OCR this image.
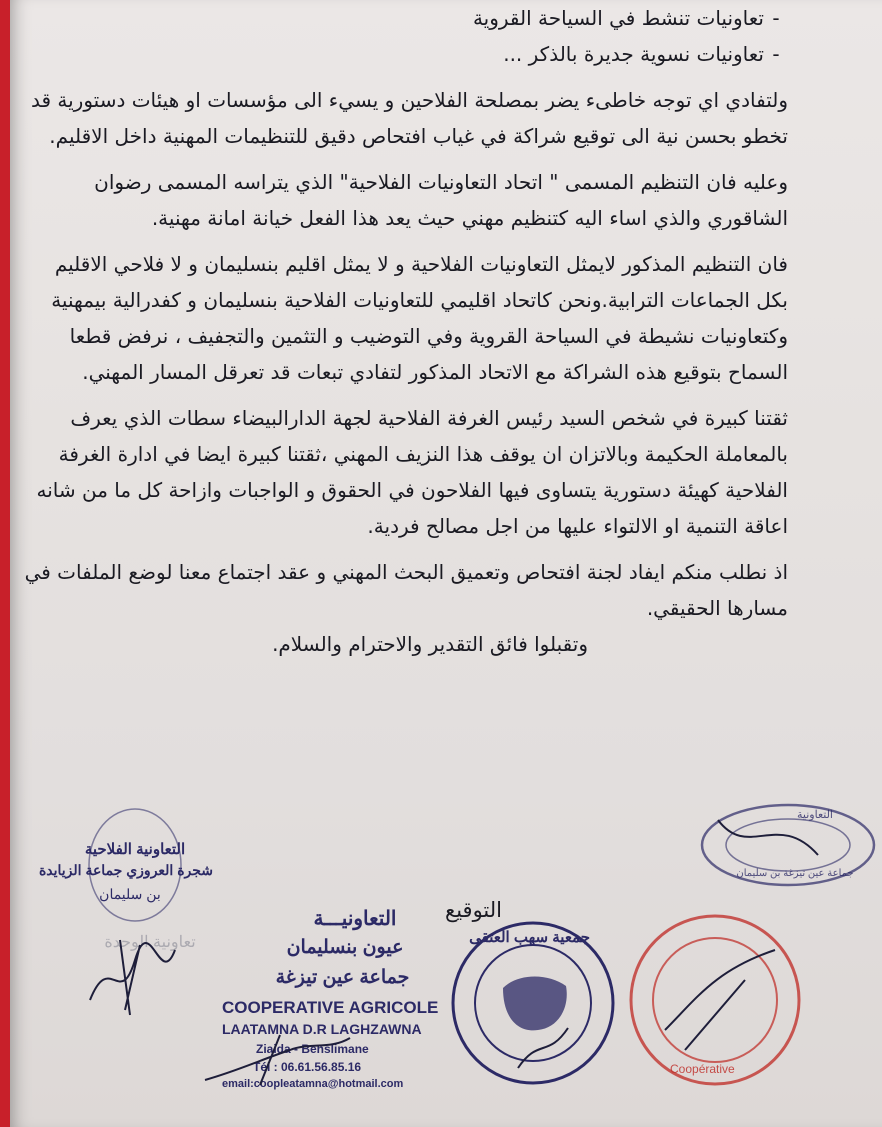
-تعاونيات تنشط في السياحة القروية
-تعاونيات نسوية جديرة بالذكر ...

ولتفادي اي توجه خاطىء يضر بمصلحة الفلاحين و يسيء الى مؤسسات او هيئات دستورية قد تخطو بحسن نية الى توقيع شراكة في غياب افتحاص دقيق للتنظيمات المهنية داخل الاقليم.

وعليه فان التنظيم المسمى " اتحاد التعاونيات الفلاحية" الذي يتراسه المسمى رضوان الشاقوري والذي اساء اليه كتنظيم مهني حيث يعد هذا الفعل خيانة امانة مهنية.

فان التنظيم المذكور لايمثل التعاونيات الفلاحية و لا يمثل اقليم بنسليمان و لا فلاحي الاقليم بكل الجماعات الترابية.ونحن كاتحاد اقليمي للتعاونيات الفلاحية بنسليمان و كفدرالية بيمهنية وكتعاونيات نشيطة في السياحة القروية وفي التوضيب و التثمين والتجفيف ، نرفض قطعا السماح بتوقيع هذه الشراكة مع الاتحاد المذكور لتفادي تبعات قد تعرقل المسار المهني.

ثقتنا كبيرة في شخص السيد رئيس الغرفة الفلاحية لجهة الدارالبيضاء سطات الذي يعرف بالمعاملة الحكيمة وبالاتزان ان يوقف هذا النزيف المهني ،ثقتنا كبيرة ايضا في ادارة الغرفة الفلاحية كهيئة دستورية يتساوى فيها الفلاحون في الحقوق و الواجبات وازاحة كل ما من شانه اعاقة التنمية او الالتواء عليها من اجل مصالح فردية.

اذ نطلب منكم ايفاد لجنة افتحاص وتعميق البحث المهني و عقد اجتماع معنا لوضع الملفات في مسارها الحقيقي.

وتقبلوا فائق التقدير والاحترام والسلام.

التوقيع
التعاونية الفلاحية
شجرة العروزي جماعة الزيايدة
بن سليمان
تعاونية الوحدة
التعاونيـــة
عيون بنسليمان
جماعة عين تيزغة
COOPERATIVE AGRICOLE
LAATAMNA D.R LAGHZAWNA
Ziaida - Benslimane
Tél : 06.61.56.85.16
email:coopleatamna@hotmail.com
جمعية سهب العتقى
Coopérative
التعاونية
جماعة عين تيزغة بن سليمان
